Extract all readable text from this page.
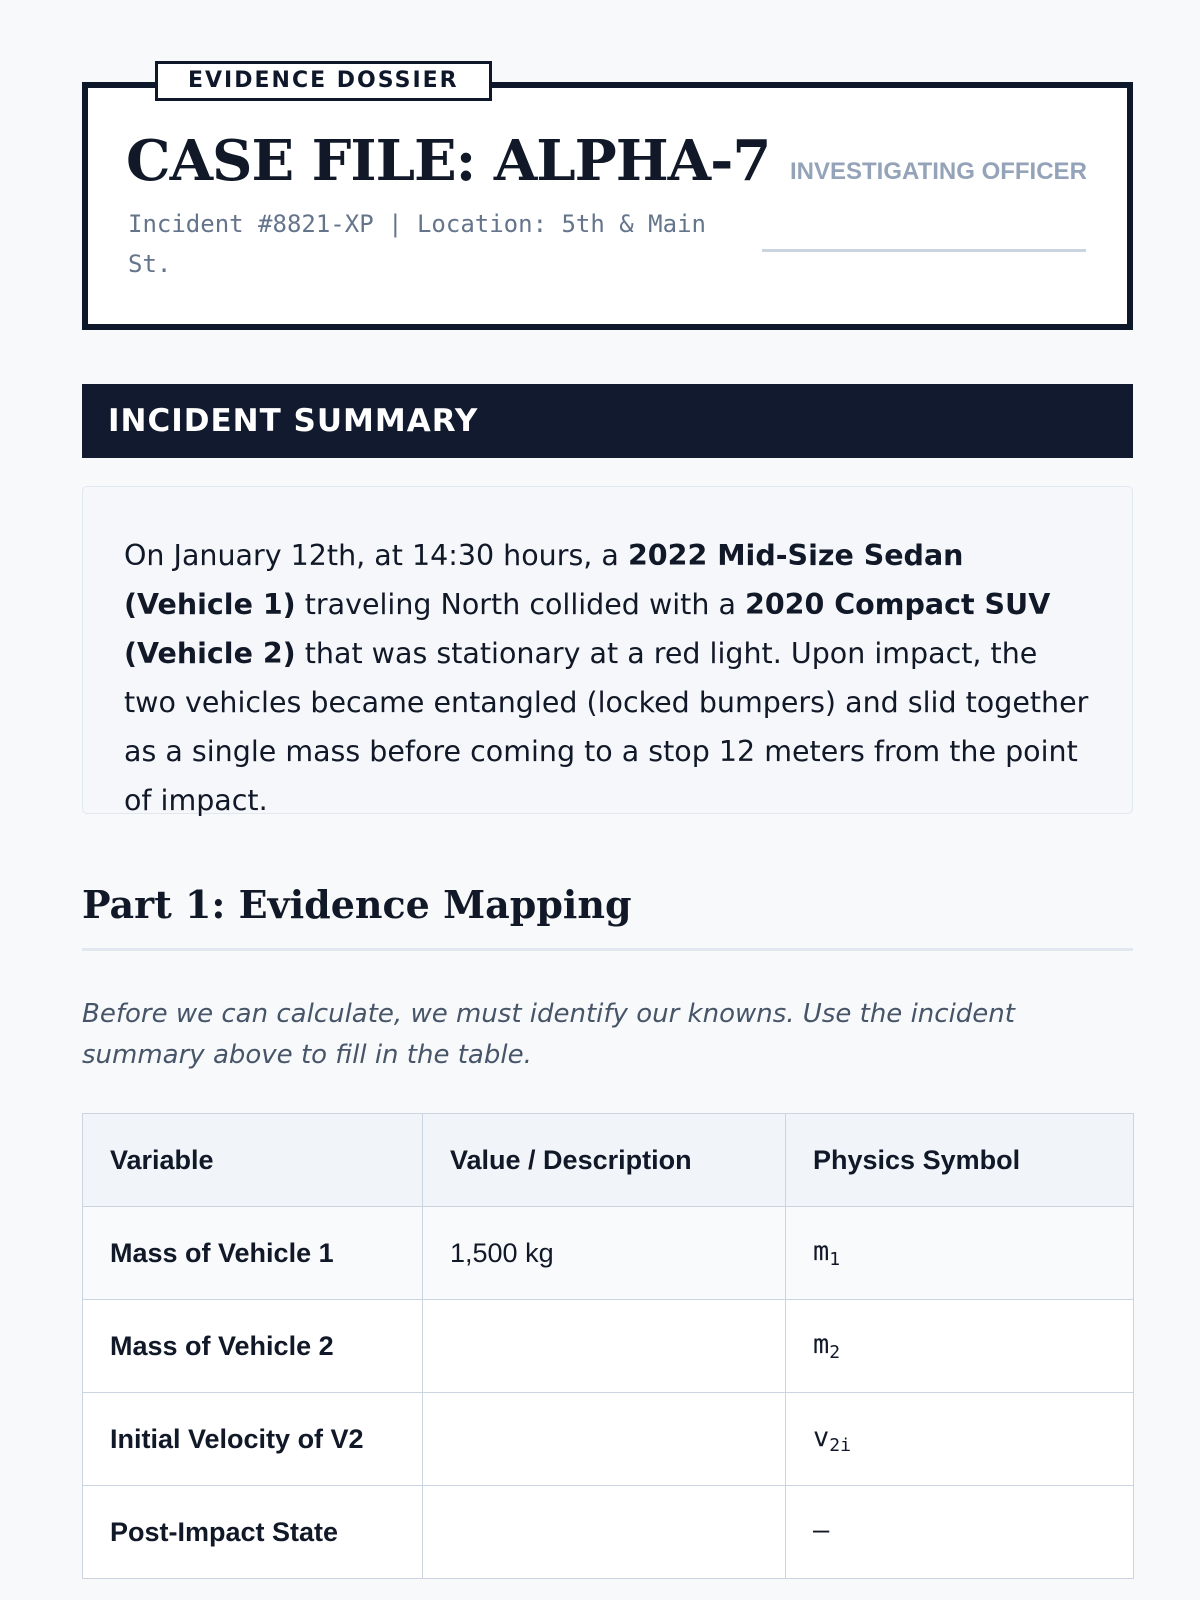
EVIDENCE DOSSIER
CASE FILE: ALPHA-7
Incident #8821-XP | Location: 5th & Main St.
INVESTIGATING OFFICER
INCIDENT SUMMARY
On January 12th, at 14:30 hours, a 2022 Mid-Size Sedan (Vehicle 1) traveling North collided with a 2020 Compact SUV (Vehicle 2) that was stationary at a red light. Upon impact, the two vehicles became entangled (locked bumpers) and slid together as a single mass before coming to a stop 12 meters from the point of impact.
Part 1: Evidence Mapping
Before we can calculate, we must identify our knowns. Use the incident summary above to fill in the table.
Variable	Value / Description	Physics Symbol
Mass of Vehicle 1	1,500 kg	$m_1$
Mass of Vehicle 2		$m_2$
Initial Velocity of V2		$v_{2i}$
Post-Impact State		—
